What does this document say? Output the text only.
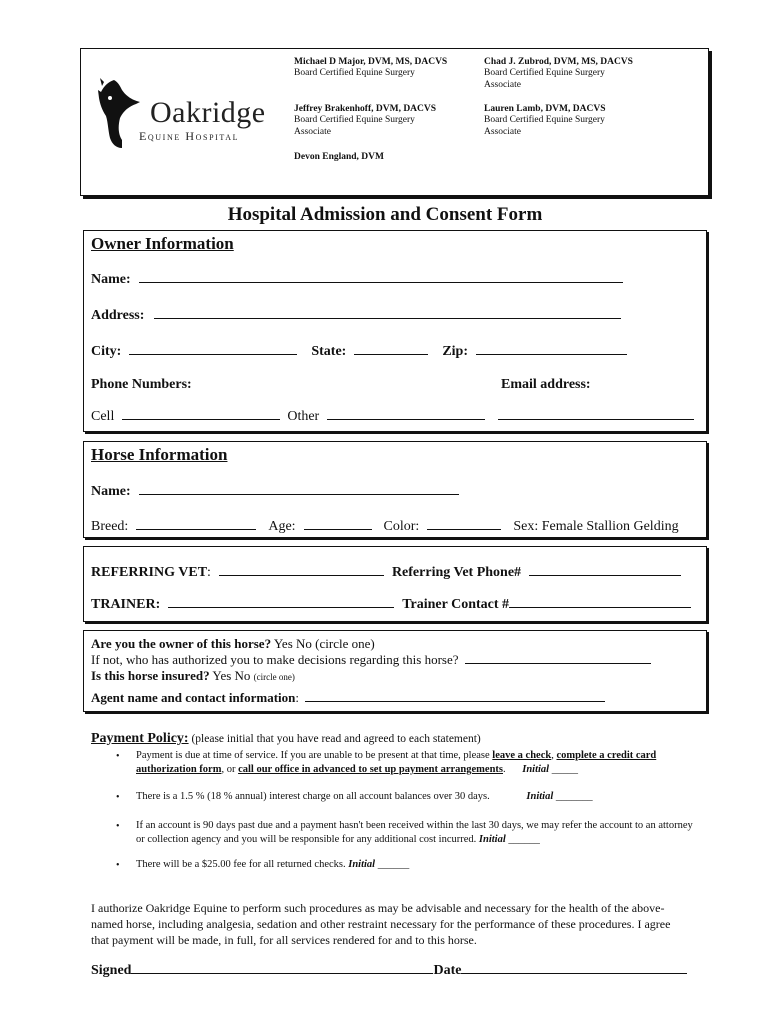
Oakridge
Equine Hospital
Michael D Major, DVM, MS, DACVS
Board Certified Equine Surgery
Chad J. Zubrod, DVM, MS, DACVS
Board Certified Equine Surgery
Associate
Jeffrey Brakenhoff, DVM, DACVS
Board Certified Equine Surgery
Associate
Lauren Lamb, DVM, DACVS
Board Certified Equine Surgery
Associate
Devon England, DVM
Hospital Admission and Consent Form
Owner Information
Name:
Address:
City:	State:	Zip:
Phone Numbers:	Email address:
Cell	Other
Horse Information
Name:
Breed:	Age:	Color:	Sex: Female Stallion Gelding
REFERRING VET:	Referring Vet Phone#
TRAINER:	Trainer Contact #
Are you the owner of this horse? Yes No (circle one)
If not, who has authorized you to make decisions regarding this horse?
Is this horse insured? Yes No (circle one)
Agent name and contact information:
Payment Policy: (please initial that you have read and agreed to each statement)
• Payment is due at time of service. If you are unable to be present at that time, please leave a check, complete a credit card authorization form, or call our office in advanced to set up payment arrangements. Initial _____
• There is a 1.5 % (18 % annual) interest charge on all account balances over 30 days.	Initial _______
• If an account is 90 days past due and a payment hasn't been received within the last 30 days, we may refer the account to an attorney or collection agency and you will be responsible for any additional cost incurred. Initial ______
• There will be a $25.00 fee for all returned checks. Initial ______
I authorize Oakridge Equine to perform such procedures as may be advisable and necessary for the health of the above-named horse, including analgesia, sedation and other restraint necessary for the performance of these procedures. I agree that payment will be made, in full, for all services rendered for and to this horse.
Signed	Date
